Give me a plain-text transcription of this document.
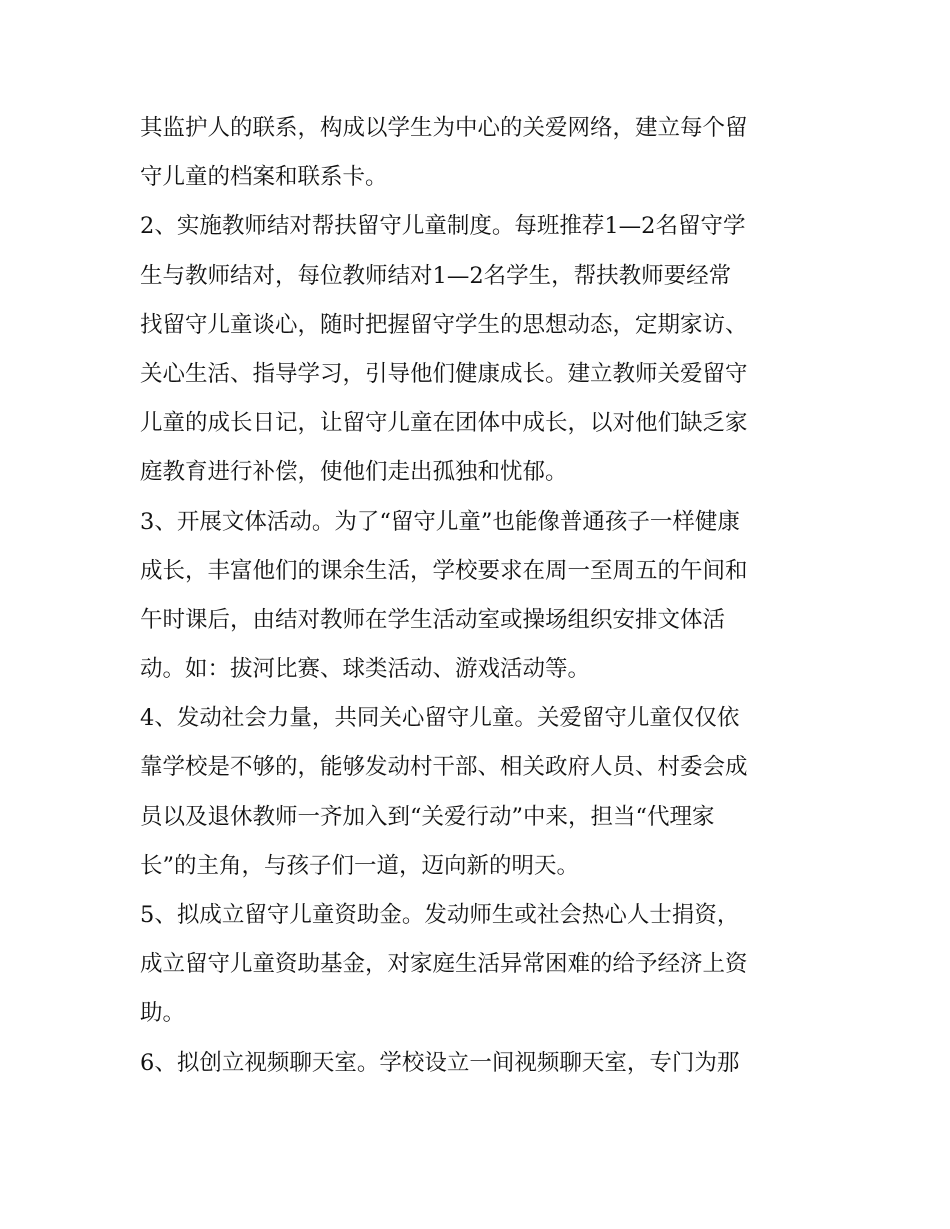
其监护人的联系，构成以学生为中心的关爱网络，建立每个留
守儿童的档案和联系卡。
2、实施教师结对帮扶留守儿童制度。每班推荐1—2名留守学
生与教师结对，每位教师结对1—2名学生，帮扶教师要经常
找留守儿童谈心，随时把握留守学生的思想动态，定期家访、
关心生活、指导学习，引导他们健康成长。建立教师关爱留守
儿童的成长日记，让留守儿童在团体中成长，以对他们缺乏家
庭教育进行补偿，使他们走出孤独和忧郁。
3、开展文体活动。为了“留守儿童”也能像普通孩子一样健康
成长，丰富他们的课余生活，学校要求在周一至周五的午间和
午时课后，由结对教师在学生活动室或操场组织安排文体活
动。如：拔河比赛、球类活动、游戏活动等。
4、发动社会力量，共同关心留守儿童。关爱留守儿童仅仅依
靠学校是不够的，能够发动村干部、相关政府人员、村委会成
员以及退休教师一齐加入到“关爱行动”中来，担当“代理家
长”的主角，与孩子们一道，迈向新的明天。
5、拟成立留守儿童资助金。发动师生或社会热心人士捐资，
成立留守儿童资助基金，对家庭生活异常困难的给予经济上资
助。
6、拟创立视频聊天室。学校设立一间视频聊天室，专门为那
